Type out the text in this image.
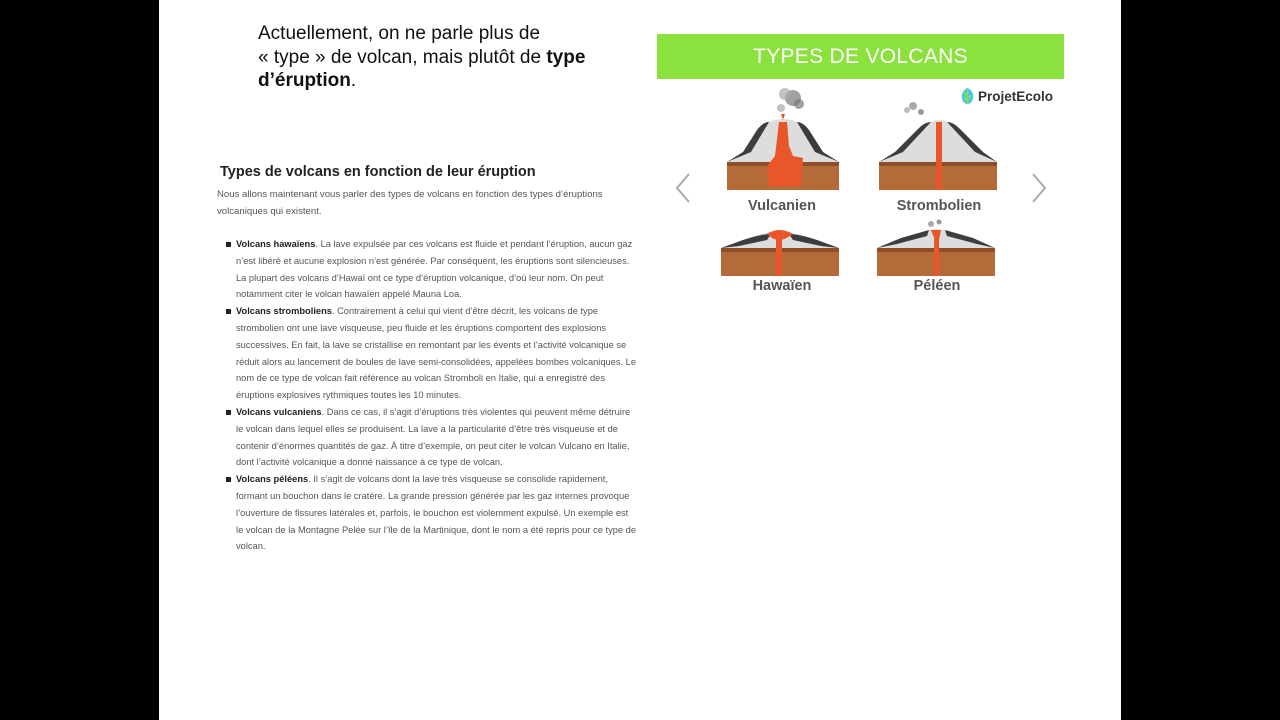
Actuellement, on ne parle plus de
« type » de volcan, mais plutôt de type
d’éruption.
Types de volcans en fonction de leur éruption

Nous allons maintenant vous parler des types de volcans en fonction des types d’éruptions volcaniques qui existent.

Volcans hawaïens. La lave expulsée par ces volcans est fluide et pendant l’éruption, aucun gaz n’est libéré et aucune explosion n’est générée. Par conséquent, les éruptions sont silencieuses. La plupart des volcans d’Hawaï ont ce type d’éruption volcanique, d’où leur nom. On peut notamment citer le volcan hawaïen appelé Mauna Loa.
Volcans stromboliens. Contrairement à celui qui vient d’être décrit, les volcans de type strombolien ont une lave visqueuse, peu fluide et les éruptions comportent des explosions successives. En fait, la lave se cristallise en remontant par les évents et l’activité volcanique se réduit alors au lancement de boules de lave semi-consolidées, appelées bombes volcaniques. Le nom de ce type de volcan fait référence au volcan Stromboli en Italie, qui a enregistré des éruptions explosives rythmiques toutes les 10 minutes.
Volcans vulcaniens. Dans ce cas, il s’agit d’éruptions très violentes qui peuvent même détruire le volcan dans lequel elles se produisent. La lave a la particularité d’être très visqueuse et de contenir d’énormes quantités de gaz. À titre d’exemple, on peut citer le volcan Vulcano en Italie, dont l’activité volcanique a donné naissance à ce type de volcan.
Volcans péléens. Il s’agit de volcans dont la lave très visqueuse se consolide rapidement, formant un bouchon dans le cratère. La grande pression générée par les gaz internes provoque l’ouverture de fissures latérales et, parfois, le bouchon est violemment expulsé. Un exemple est le volcan de la Montagne Pelée sur l’île de la Martinique, dont le nom a été repris pour ce type de volcan.
TYPES DE VOLCANS
ProjetEcolo
Vulcanien	Strombolien
Hawaïen	Péléen
